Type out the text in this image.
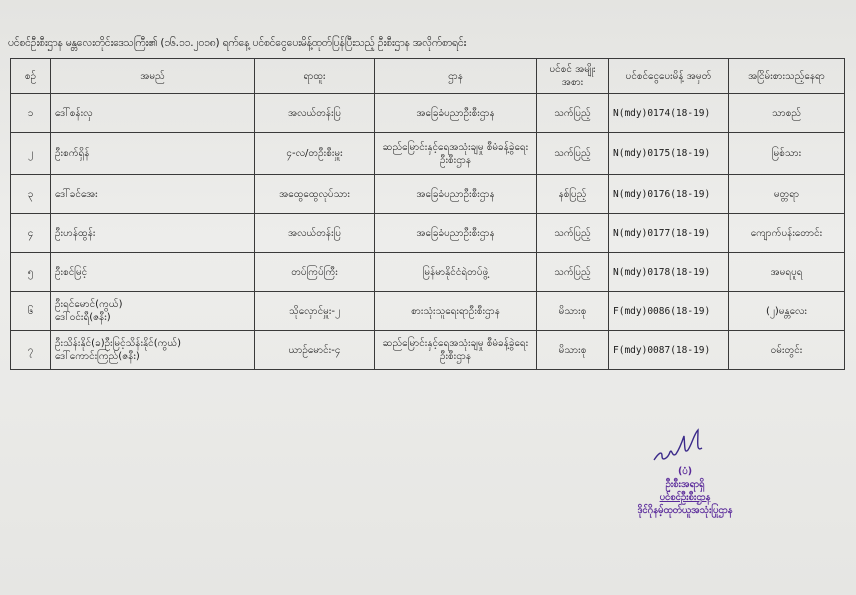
ပင်စင်ဦးစီးဌာန မန္တလေးတိုင်းဒေသကြီး၏ (၁၆.၁၁.၂၀၁၈) ရက်နေ့ ပင်စင်ငွေပေးမိန့်ထုတ်ပြန်ပြီးသည့် ဦးစီးဌာန အလိုက်စာရင်း
စဉ်	အမည်	ရာထူး	ဌာန	ပင်စင် အမျိုးအစား	ပင်စင်ငွေပေးမိန့် အမှတ်	အငြိမ်းစားသည့်နေရာ
၁	ဒေါ်စန်းလှ	အလယ်တန်းပြ	အခြေခံပညာဦးစီးဌာန	သက်ပြည့်	N(mdy)0174(18-19)	သာစည်
၂	ဦးစက်ရှိန်	၄-လ/တဦးစီးမှူး	ဆည်မြောင်းနှင့်ရေအသုံးချမှု စီမံခန့်ခွဲရေးဦးစီးဌာန	သက်ပြည့်	N(mdy)0175(18-19)	မြစ်သား
၃	ဒေါ်ခင်အေး	အထွေထွေလုပ်သား	အခြေခံပညာဦးစီးဌာန	နစ်ပြည့်	N(mdy)0176(18-19)	မတ္တရာ
၄	ဦးဟန်ထွန်း	အလယ်တန်းပြ	အခြေခံပညာဦးစီးဌာန	သက်ပြည့်	N(mdy)0177(18-19)	ကျောက်ပန်းတောင်း
၅	ဦးစင်မြင့်	တပ်ကြပ်ကြီး	မြန်မာနိုင်ငံရဲတပ်ဖွဲ့	သက်ပြည့်	N(mdy)0178(18-19)	အမရပူရ
၆	ဦးရင်မောင်(ကွယ်)
ဒေါ်ဝင်းရီ(ဇနီး)	သိုလှောင်မှူး-၂	စားသုံးသူရေးရာဦးစီးဌာန	မိသားစု	F(mdy)0086(18-19)	(၂)မန္တလေး
၇	ဦးသိန်းနိုင်(ခ)ဦးမြင့်သိန်းနိုင်(ကွယ်)
ဒေါ်ကောင်းကြည်(ဇနီး)	ယာဉ်မောင်း-၄	ဆည်မြောင်းနှင့်ရေအသုံးချမှု စီမံခန့်ခွဲရေးဦးစီးဌာန	မိသားစု	F(mdy)0087(18-19)	ဝမ်းတွင်း
(ပံ)
ဦးစီးအရာရှိ
ပင်စင်ဦးစီးဌာန
ဒိုင်ဂိုနမ့်ထုတ်ယူအသုံးပြုဌာန
